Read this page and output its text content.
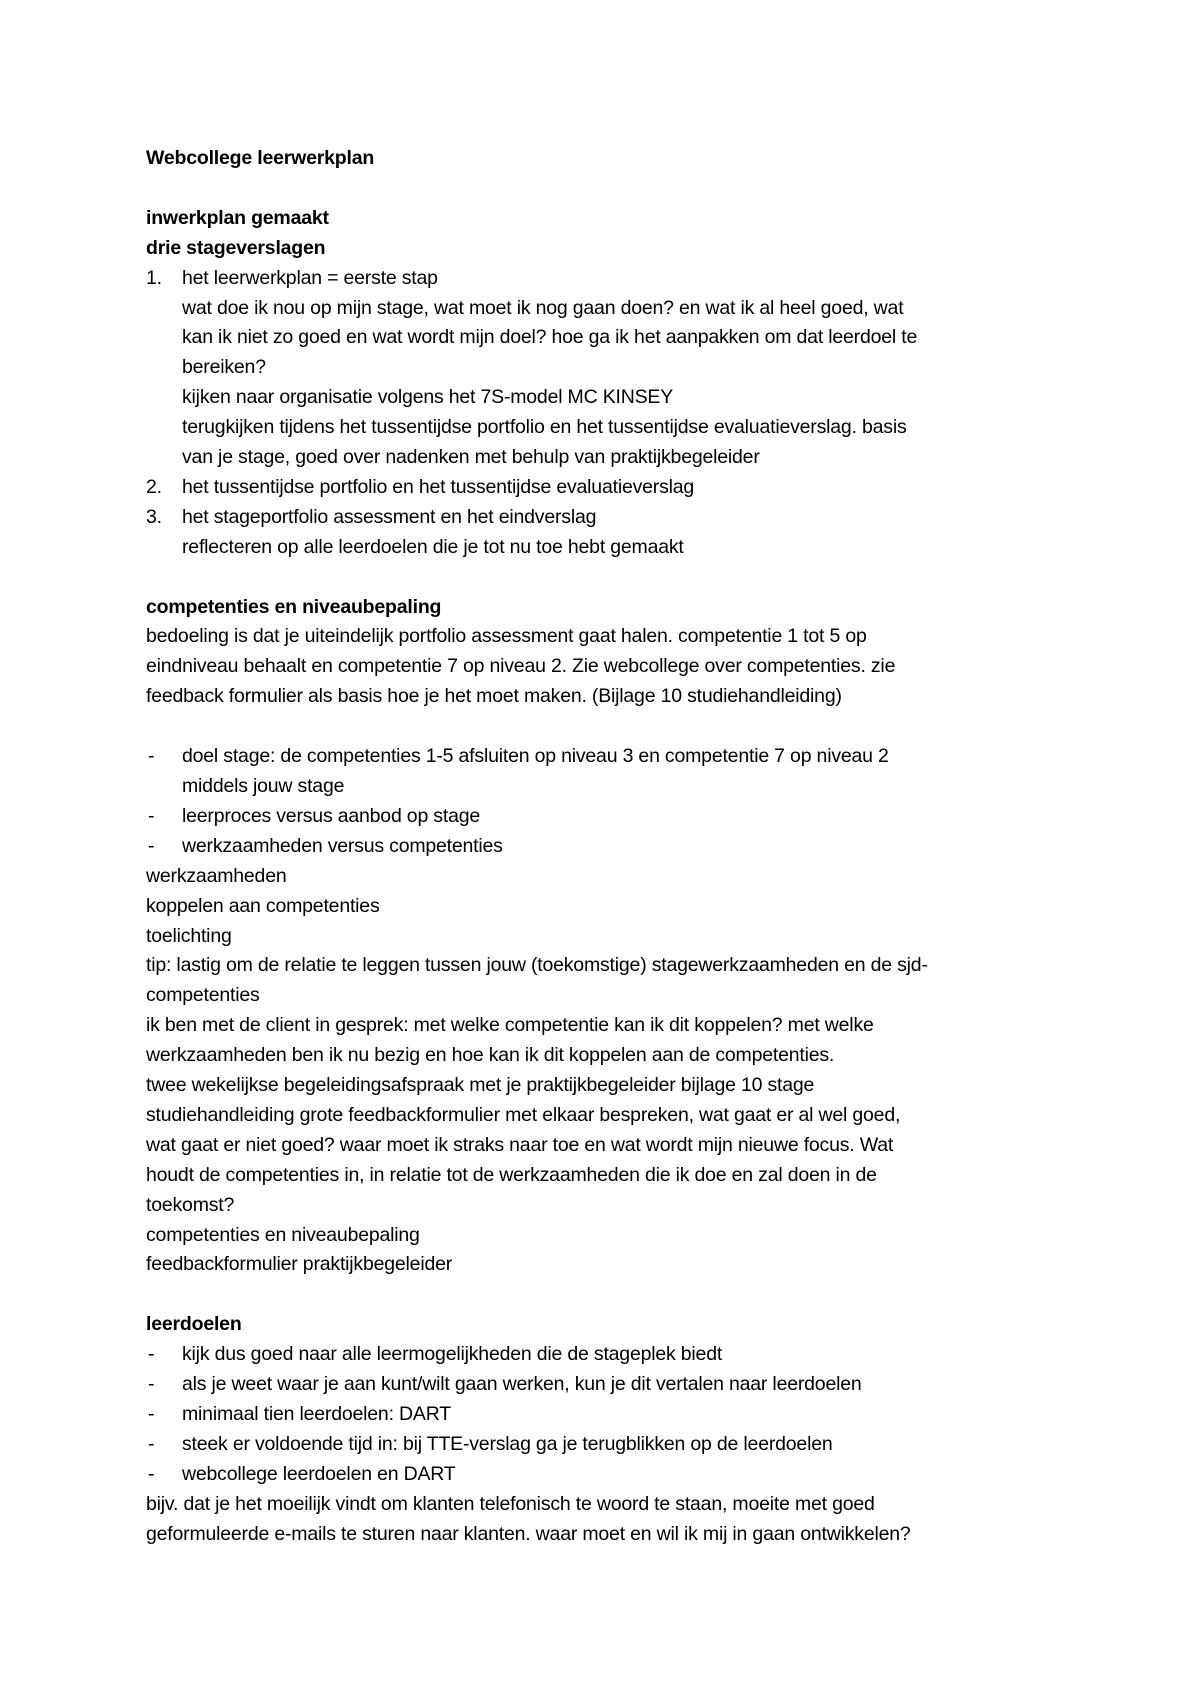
Webcollege leerwerkplan
inwerkplan gemaakt
drie stageverslagen
1.	het leerwerkplan = eerste stap
wat doe ik nou op mijn stage, wat moet ik nog gaan doen? en wat ik al heel goed, wat
kan ik niet zo goed en wat wordt mijn doel? hoe ga ik het aanpakken om dat leerdoel te
bereiken?
kijken naar organisatie volgens het 7S-model MC KINSEY
terugkijken tijdens het tussentijdse portfolio en het tussentijdse evaluatieverslag. basis
van je stage, goed over nadenken met behulp van praktijkbegeleider
2.	het tussentijdse portfolio en het tussentijdse evaluatieverslag
3.	het stageportfolio assessment en het eindverslag
reflecteren op alle leerdoelen die je tot nu toe hebt gemaakt
competenties en niveaubepaling
bedoeling is dat je uiteindelijk portfolio assessment gaat halen. competentie 1 tot 5 op
eindniveau behaalt en competentie 7 op niveau 2. Zie webcollege over competenties. zie
feedback formulier als basis hoe je het moet maken. (Bijlage 10 studiehandleiding)
-	doel stage: de competenties 1-5 afsluiten op niveau 3 en competentie 7 op niveau 2
middels jouw stage
-	leerproces versus aanbod op stage
-	werkzaamheden versus competenties
werkzaamheden
koppelen aan competenties
toelichting
tip: lastig om de relatie te leggen tussen jouw (toekomstige) stagewerkzaamheden en de sjd-
competenties
ik ben met de client in gesprek: met welke competentie kan ik dit koppelen? met welke
werkzaamheden ben ik nu bezig en hoe kan ik dit koppelen aan de competenties.
twee wekelijkse begeleidingsafspraak met je praktijkbegeleider bijlage 10 stage
studiehandleiding grote feedbackformulier met elkaar bespreken, wat gaat er al wel goed,
wat gaat er niet goed? waar moet ik straks naar toe en wat wordt mijn nieuwe focus. Wat
houdt de competenties in, in relatie tot de werkzaamheden die ik doe en zal doen in de
toekomst?
competenties en niveaubepaling
feedbackformulier praktijkbegeleider
leerdoelen
-	kijk dus goed naar alle leermogelijkheden die de stageplek biedt
-	als je weet waar je aan kunt/wilt gaan werken, kun je dit vertalen naar leerdoelen
-	minimaal tien leerdoelen: DART
-	steek er voldoende tijd in: bij TTE-verslag ga je terugblikken op de leerdoelen
-	webcollege leerdoelen en DART
bijv. dat je het moeilijk vindt om klanten telefonisch te woord te staan, moeite met goed
geformuleerde e-mails te sturen naar klanten. waar moet en wil ik mij in gaan ontwikkelen?
